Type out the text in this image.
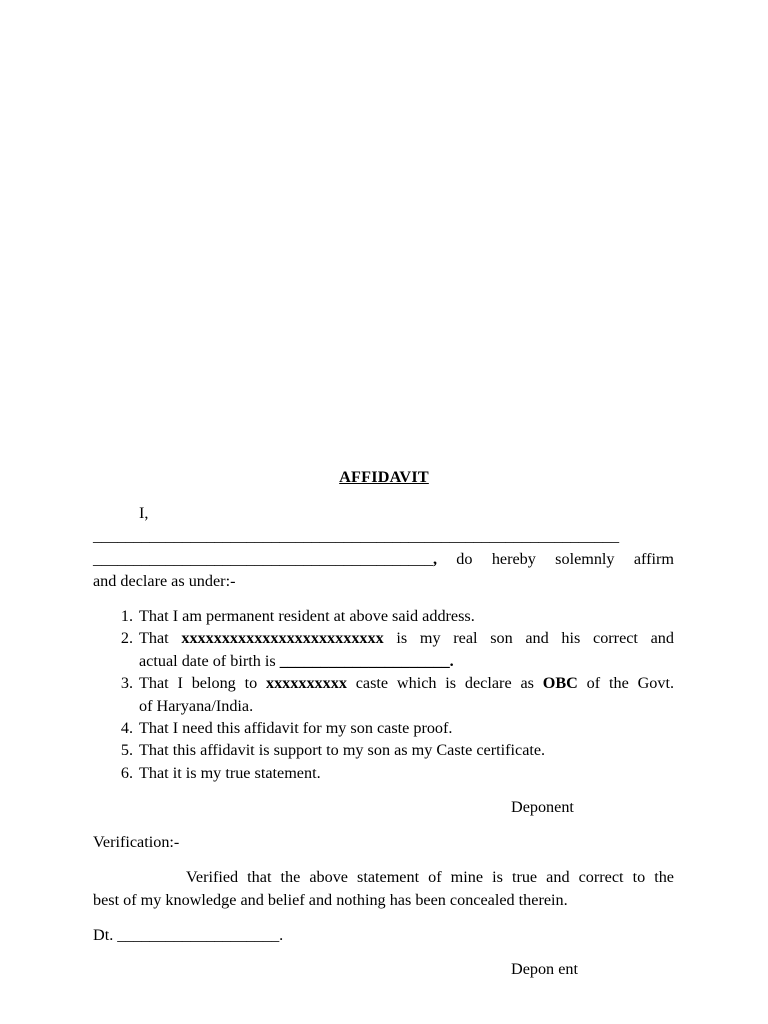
AFFIDAVIT
I,
_________________________________________________________________
__________________________________________, do hereby solemnly affirm
and declare as under:-
1. That I am permanent resident at above said address.
2. That xxxxxxxxxxxxxxxxxxxxxxxxx is my real son and his correct and
actual date of birth is _____________________.
3. That I belong to xxxxxxxxxx caste which is declare as OBC of the Govt.
of Haryana/India.
4. That I need this affidavit for my son caste proof.
5. That this affidavit is support to my son as my Caste certificate.
6. That it is my true statement.
Deponent
Verification:-
Verified that the above statement of mine is true and correct to the
best of my knowledge and belief and nothing has been concealed therein.
Dt. ____________________.
Depon ent
